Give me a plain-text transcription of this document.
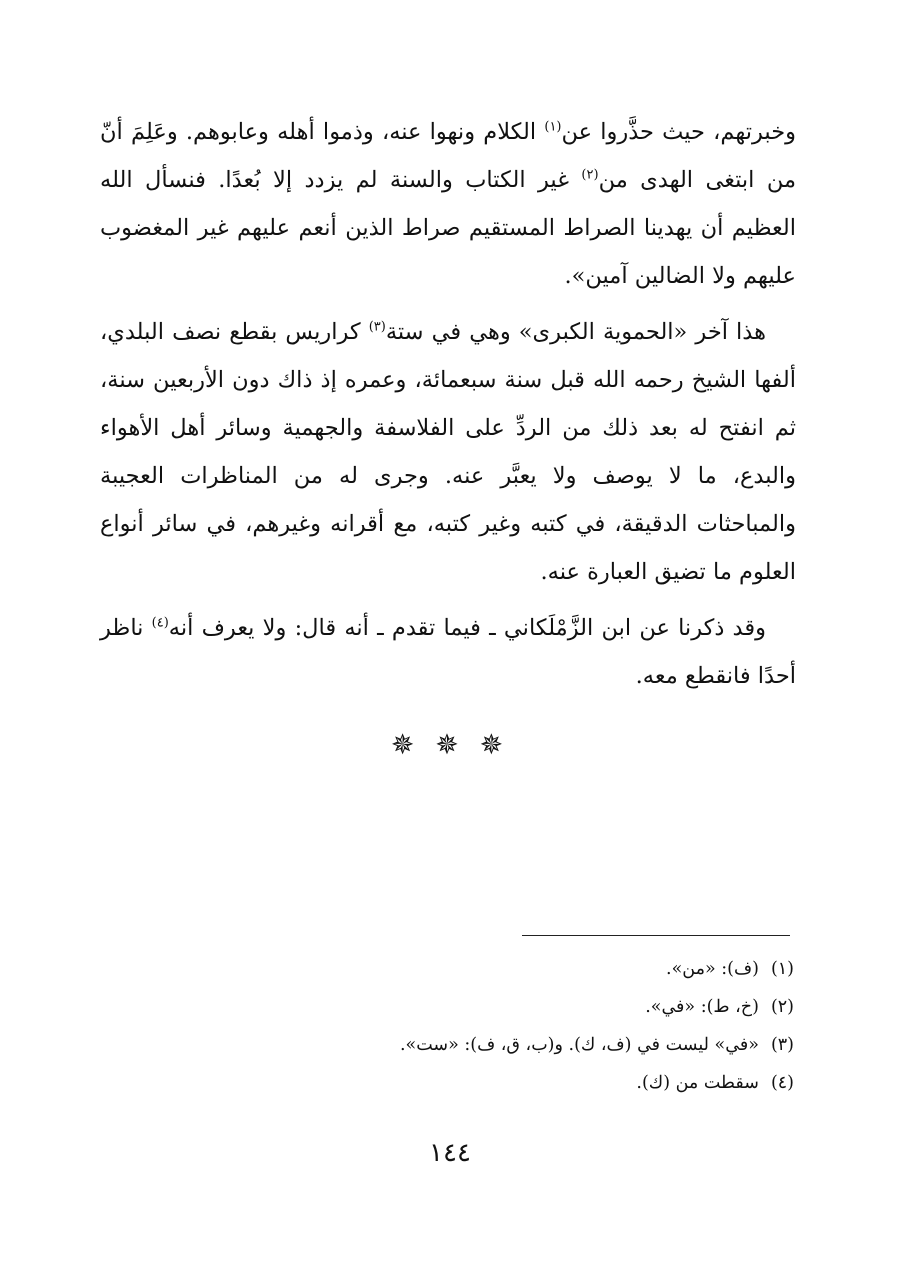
وخبرتهم، حيث حذَّروا عن$^{(١)}$ الكلام ونهوا عنه، وذموا أهله وعابوهم. وعَلِمَ أنّ من ابتغى الهدى من$^{(٢)}$ غير الكتاب والسنة لم يزدد إلا بُعدًا. فنسأل الله العظيم أن يهدينا الصراط المستقيم صراط الذين أنعم عليهم غير المغضوب عليهم ولا الضالين آمين».

هذا آخر «الحموية الكبرى» وهي في ستة$^{(٣)}$ كراريس بقطع نصف البلدي، ألفها الشيخ رحمه الله قبل سنة سبعمائة، وعمره إذ ذاك دون الأربعين سنة، ثم انفتح له بعد ذلك من الردِّ على الفلاسفة والجهمية وسائر أهل الأهواء والبدع، ما لا يوصف ولا يعبَّر عنه. وجرى له من المناظرات العجيبة والمباحثات الدقيقة، في كتبه وغير كتبه، مع أقرانه وغيرهم، في سائر أنواع العلوم ما تضيق العبارة عنه.

وقد ذكرنا عن ابن الزَّمْلَكاني ـ فيما تقدم ـ أنه قال: ولا يعرف أنه$^{(٤)}$ ناظر أحدًا فانقطع معه.

✵ ✵ ✵

(١)(ف): «من».

(٢)(خ، ط): «في».

(٣)«في» ليست في (ف، ك). و(ب، ق، ف): «ست».

(٤)سقطت من (ك).

١٤٤
